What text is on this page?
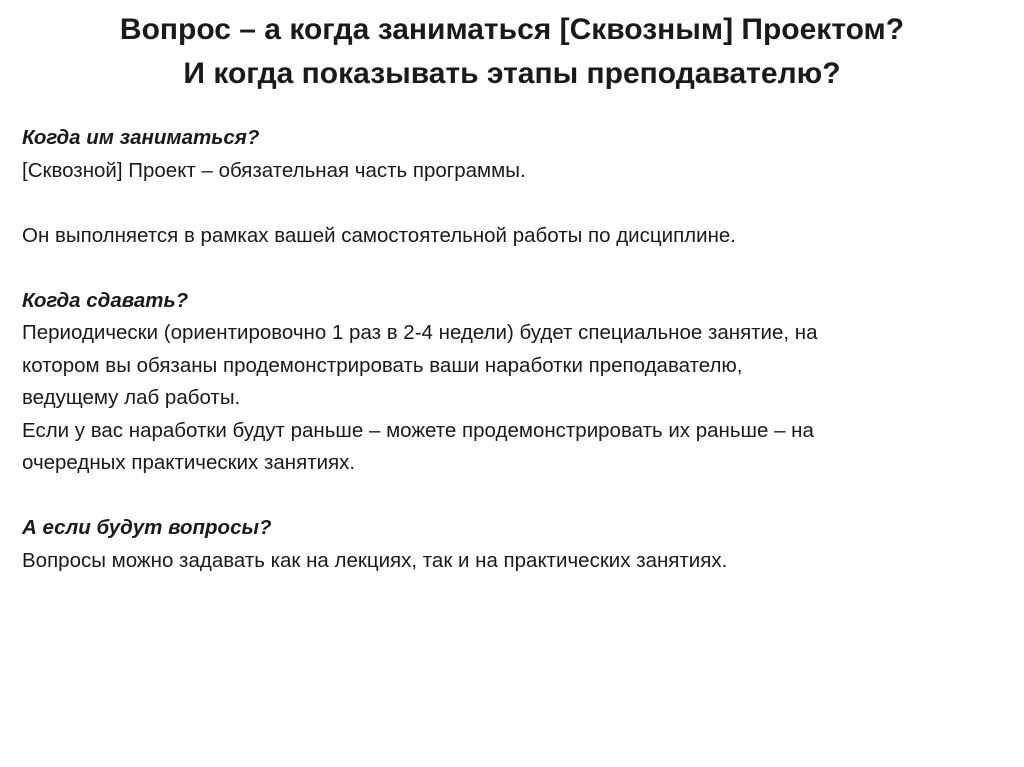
Вопрос – а когда заниматься [Сквозным] Проектом?
И когда показывать этапы преподавателю?

Когда им заниматься?

[Сквозной] Проект – обязательная часть программы.

Он выполняется в рамках вашей самостоятельной работы по дисциплине.

Когда сдавать?

Периодически (ориентировочно 1 раз в 2-4 недели) будет специальное занятие, на

котором вы обязаны продемонстрировать ваши наработки преподавателю,

ведущему лаб работы.

Если у вас наработки будут раньше – можете продемонстрировать их раньше – на

очередных практических занятиях.

А если будут вопросы?

Вопросы можно задавать как на лекциях, так и на практических занятиях.
